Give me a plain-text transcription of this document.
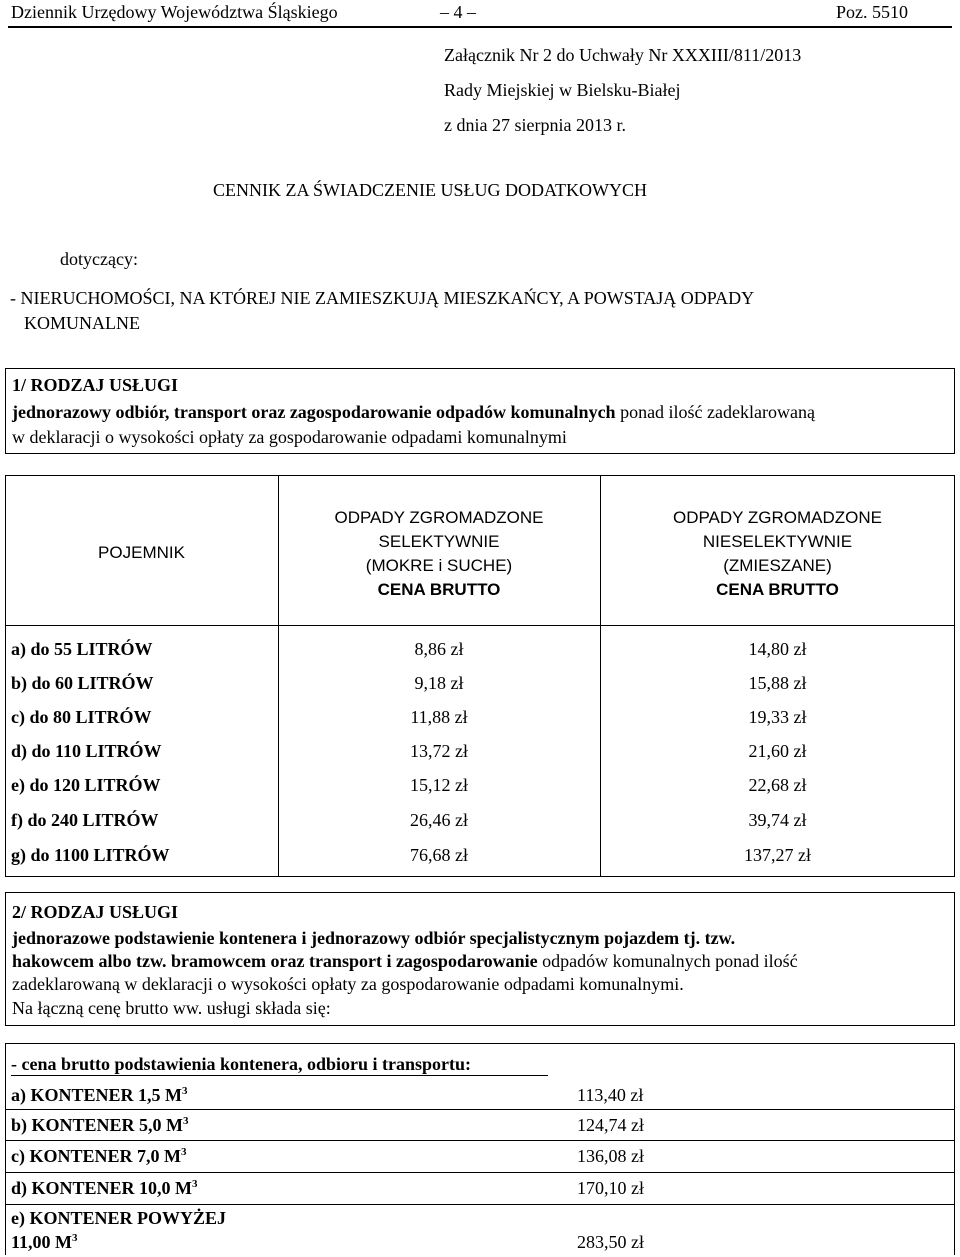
Dziennik Urzędowy Województwa Śląskiego	– 4 –	Poz. 5510
Załącznik Nr 2 do Uchwały Nr XXXIII/811/2013
Rady Miejskiej w Bielsku-Białej
z dnia 27 sierpnia 2013 r.
CENNIK ZA ŚWIADCZENIE USŁUG DODATKOWYCH
dotyczący:
- NIERUCHOMOŚCI, NA KTÓREJ NIE ZAMIESZKUJĄ MIESZKAŃCY, A POWSTAJĄ ODPADY
KOMUNALNE
1/ RODZAJ USŁUGI
jednorazowy odbiór, transport oraz zagospodarowanie odpadów komunalnych ponad ilość zadeklarowaną
w deklaracji o wysokości opłaty za gospodarowanie odpadami komunalnymi
POJEMNIK
ODPADY ZGROMADZONE
SELEKTYWNIE
(MOKRE i SUCHE)
CENA BRUTTO
ODPADY ZGROMADZONE
NIESELEKTYWNIE
(ZMIESZANE)
CENA BRUTTO
a) do 55 LITRÓW	8,86 zł	14,80 zł
b) do 60 LITRÓW	9,18 zł	15,88 zł
c) do 80 LITRÓW	11,88 zł	19,33 zł
d) do 110 LITRÓW	13,72 zł	21,60 zł
e) do 120 LITRÓW	15,12 zł	22,68 zł
f) do 240 LITRÓW	26,46 zł	39,74 zł
g) do 1100 LITRÓW	76,68 zł	137,27 zł
2/ RODZAJ USŁUGI
jednorazowe podstawienie kontenera i jednorazowy odbiór specjalistycznym pojazdem tj. tzw.
hakowcem albo tzw. bramowcem oraz transport i zagospodarowanie odpadów komunalnych ponad ilość
zadeklarowaną w deklaracji o wysokości opłaty za gospodarowanie odpadami komunalnymi.
Na łączną cenę brutto ww. usługi składa się:
- cena brutto podstawienia kontenera, odbioru i transportu:
a) KONTENER 1,5 $M^3$	113,40 zł
b) KONTENER 5,0 $M^3$	124,74 zł
c) KONTENER 7,0 $M^3$	136,08 zł
d) KONTENER 10,0 $M^3$	170,10 zł
e) KONTENER POWYŻEJ
11,00 $M^3$	283,50 zł
